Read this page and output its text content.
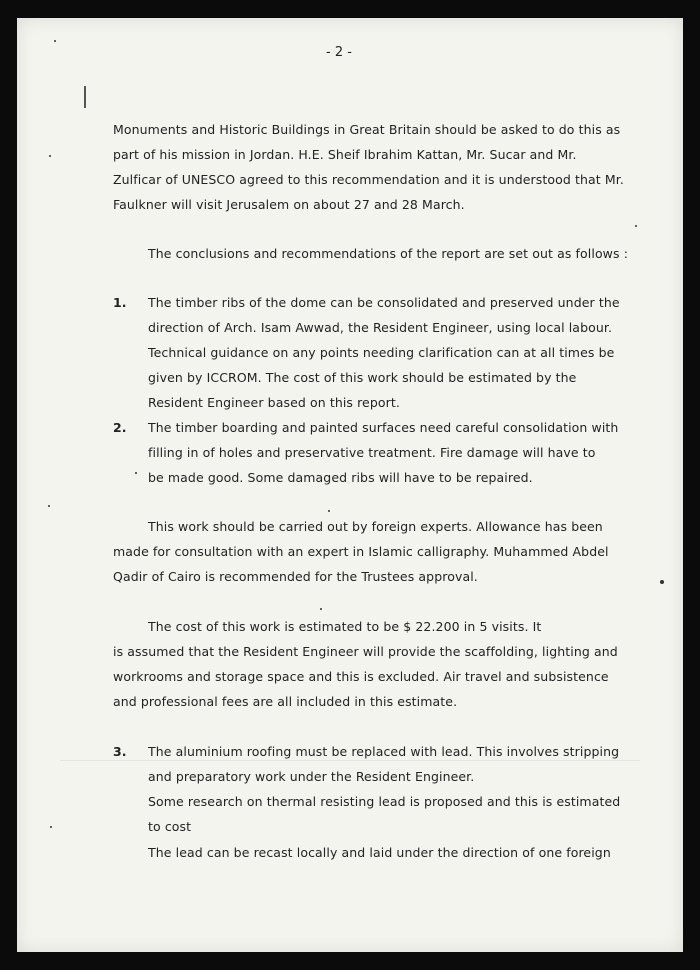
- 2 -

Monuments and Historic Buildings in Great Britain should be asked to do this as

part of his mission in Jordan. H.E. Sheif Ibrahim Kattan, Mr. Sucar and Mr.

Zulficar of UNESCO agreed to this recommendation and it is understood that Mr.

Faulkner will visit Jerusalem on about 27 and 28 March.

The conclusions and recommendations of the report are set out as follows :

1. The timber ribs of the dome can be consolidated and preserved under the

direction of Arch. Isam Awwad, the Resident Engineer, using local labour.

Technical guidance on any points needing clarification can at all times be

given by ICCROM. The cost of this work should be estimated by the

Resident Engineer based on this report.

2. The timber boarding and painted surfaces need careful consolidation with

filling in of holes and preservative treatment. Fire damage will have to

be made good. Some damaged ribs will have to be repaired.

This work should be carried out by foreign experts. Allowance has been

made for consultation with an expert in Islamic calligraphy. Muhammed Abdel

Qadir of Cairo is recommended for the Trustees approval.

The cost of this work is estimated to be $ 22.200 in 5 visits. It

is assumed that the Resident Engineer will provide the scaffolding, lighting and

workrooms and storage space and this is excluded. Air travel and subsistence

and professional fees are all included in this estimate.

3. The aluminium roofing must be replaced with lead. This involves stripping

and preparatory work under the Resident Engineer.

Some research on thermal resisting lead is proposed and this is estimated

to cost

The lead can be recast locally and laid under the direction of one foreign
